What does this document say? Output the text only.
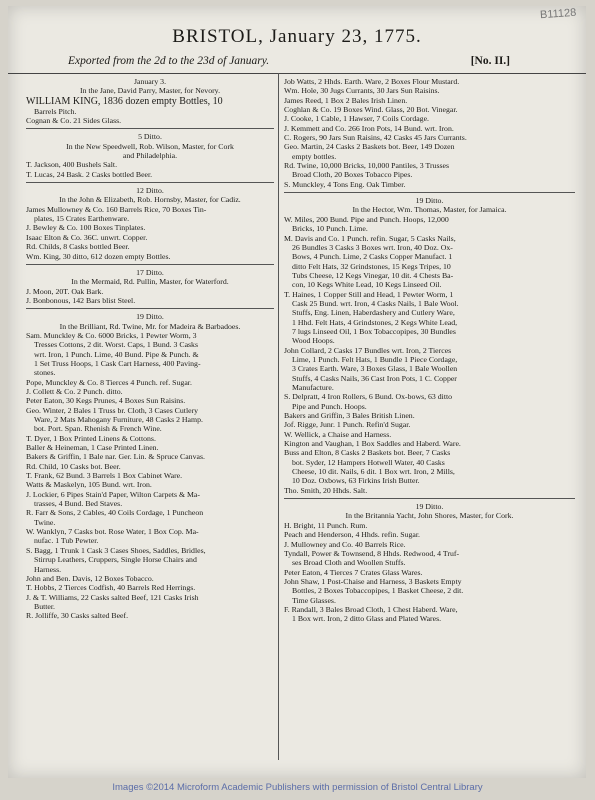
B11128
BRISTOL, January 23, 1775.
Exported from the 2d to the 23d of January.	[No. II.]
January 3.
In the Jane, David Parry, Master, for Nevory.
WILLIAM KING, 1836 dozen empty Bottles, 10
Barrels Pitch.
Cognan & Co. 21 Sides Glass.
5 Ditto.
In the New Speedwell, Rob. Wilson, Master, for Cork
and Philadelphia.
T. Jackson, 400 Bushels Salt.
T. Lucas, 24 Bask. 2 Casks bottled Beer.
12 Ditto.
In the John & Elizabeth, Rob. Hornsby, Master, for Cadiz.
James Mullowney & Co. 160 Barrels Rice, 70 Boxes Tin-
plates, 15 Crates Earthenware.
J. Bewley & Co. 100 Boxes Tinplates.
Isaac Elton & Co. 36C. unwrt. Copper.
Rd. Childs, 8 Casks bottled Beer.
Wm. King, 30 ditto, 612 dozen empty Bottles.
17 Ditto.
In the Mermaid, Rd. Pullin, Master, for Waterford.
J. Moon, 20T. Oak Bark.
J. Bonbonous, 142 Bars blist Steel.
19 Ditto.
In the Brilliant, Rd. Twine, Mr. for Madeira & Barbadoes.
Sam. Munckley & Co. 6000 Bricks, 1 Pewter Worm, 3
Tresses Cottons, 2 dit. Worst. Caps, 1 Bund. 3 Casks
wrt. Iron, 1 Punch. Lime, 40 Bund. Pipe & Punch. &
1 Set Truss Hoops, 1 Cask Cart Harness, 400 Paving-
stones.
Pope, Munckley & Co. 8 Tierces 4 Punch. ref. Sugar.
J. Collett & Co. 2 Punch. ditto.
Peter Eaton, 30 Kegs Prunes, 4 Boxes Sun Raisins.
Geo. Winter, 2 Bales 1 Truss br. Cloth, 3 Cases Cutlery
Ware, 2 Mats Mahogany Furniture, 48 Casks 2 Hamp.
bot. Port. Span. Rhenish & French Wine.
T. Dyer, 1 Box Printed Linens & Cottons.
Baller & Heineman, 1 Case Printed Linen.
Bakers & Griffin, 1 Bale nar. Ger. Lin. & Spruce Canvas.
Rd. Child, 10 Casks bot. Beer.
T. Frank, 62 Bund. 3 Barrels 1 Box Cabinet Ware.
Watts & Maskelyn, 105 Bund. wrt. Iron.
J. Lockier, 6 Pipes Stain'd Paper, Wilton Carpets & Ma-
trasses, 4 Bund. Bed Staves.
R. Farr & Sons, 2 Cables, 40 Coils Cordage, 1 Puncheon
Twine.
W. Wanklyn, 7 Casks bot. Rose Water, 1 Box Cop. Ma-
nufac. 1 Tub Pewter.
S. Bagg, 1 Trunk 1 Cask 3 Cases Shoes, Saddles, Bridles,
Stirrup Leathers, Cruppers, Single Horse Chairs and
Harness.
John and Ben. Davis, 12 Boxes Tobacco.
T. Hobbs, 2 Tierces Codfish, 40 Barrels Red Herrings.
J. & T. Williams, 22 Casks salted Beef, 121 Casks Irish
Butter.
R. Jolliffe, 30 Casks salted Beef.
Job Watts, 2 Hhds. Earth. Ware, 2 Boxes Flour Mustard.
Wm. Hole, 30 Jugs Currants, 30 Jars Sun Raisins.
James Reed, 1 Box 2 Bales Irish Linen.
Coghlan & Co. 19 Boxes Wind. Glass, 20 Bot. Vinegar.
J. Cooke, 1 Cable, 1 Hawser, 7 Coils Cordage.
J. Kemmett and Co. 266 Iron Pots, 14 Bund. wrt. Iron.
C. Rogers, 90 Jars Sun Raisins, 42 Casks 45 Jars Currants.
Geo. Martin, 24 Casks 2 Baskets bot. Beer, 149 Dozen
empty bottles.
Rd. Twine, 10,000 Bricks, 10,000 Pantiles, 3 Trusses
Broad Cloth, 20 Boxes Tobacco Pipes.
S. Munckley, 4 Tons Eng. Oak Timber.
19 Ditto.
In the Hector, Wm. Thomas, Master, for Jamaica.
W. Miles, 200 Bund. Pipe and Punch. Hoops, 12,000
Bricks, 10 Punch. Lime.
M. Davis and Co. 1 Punch. refin. Sugar, 5 Casks Nails,
26 Bundles 3 Casks 3 Boxes wrt. Iron, 40 Doz. Ox-
Bows, 4 Punch. Lime, 2 Casks Copper Manufact. 1
ditto Felt Hats, 32 Grindstones, 15 Kegs Tripes, 10
Tubs Cheese, 12 Kegs Vinegar, 10 dit. 4 Chests Ba-
con, 10 Kegs White Lead, 10 Kegs Linseed Oil.
T. Haines, 1 Copper Still and Head, 1 Pewter Worm, 1
Cask 25 Bund. wrt. Iron, 4 Casks Nails, 1 Bale Wool.
Stuffs, Eng. Linen, Haberdashery and Cutlery Ware,
1 Hhd. Felt Hats, 4 Grindstones, 2 Kegs White Lead,
7 lugs Linseed Oil, 1 Box Tobaccopipes, 30 Bundles
Wood Hoops.
John Collard, 2 Casks 17 Bundles wrt. Iron, 2 Tierces
Lime, 1 Punch. Felt Hats, 1 Bundle 1 Piece Cordage,
3 Crates Earth. Ware, 3 Boxes Glass, 1 Bale Woollen
Stuffs, 4 Casks Nails, 36 Cast Iron Pots, 1 C. Copper
Manufacture.
S. Delpratt, 4 Iron Rollers, 6 Bund. Ox-bows, 63 ditto
Pipe and Punch. Hoops.
Bakers and Griffin, 3 Bales British Linen.
Jof. Rigge, Junr. 1 Punch. Refin'd Sugar.
W. Wellick, a Chaise and Harness.
Kington and Vaughan, 1 Box Saddles and Haberd. Ware.
Buss and Elton, 8 Casks 2 Baskets bot. Beer, 7 Casks
bot. Syder, 12 Hampers Hotwell Water, 40 Casks
Cheese, 10 dit. Nails, 6 dit. 1 Box wrt. Iron, 2 Mills,
10 Doz. Oxbows, 63 Firkins Irish Butter.
Tho. Smith, 20 Hhds. Salt.
19 Ditto.
In the Britannia Yacht, John Shores, Master, for Cork.
H. Bright, 11 Punch. Rum.
Peach and Henderson, 4 Hhds. refin. Sugar.
J. Mullowney and Co. 40 Barrels Rice.
Tyndall, Power & Townsend, 8 Hhds. Redwood, 4 Truf-
ses Broad Cloth and Woollen Stuffs.
Peter Eaton, 4 Tierces 7 Crates Glass Wares.
John Shaw, 1 Post-Chaise and Harness, 3 Baskets Empty
Bottles, 2 Boxes Tobaccopipes, 1 Basket Cheese, 2 dit.
Time Glasses.
F. Randall, 3 Bales Broad Cloth, 1 Chest Haberd. Ware,
1 Box wrt. Iron, 2 ditto Glass and Plated Wares.
Images ©2014 Microform Academic Publishers with permission of Bristol Central Library
